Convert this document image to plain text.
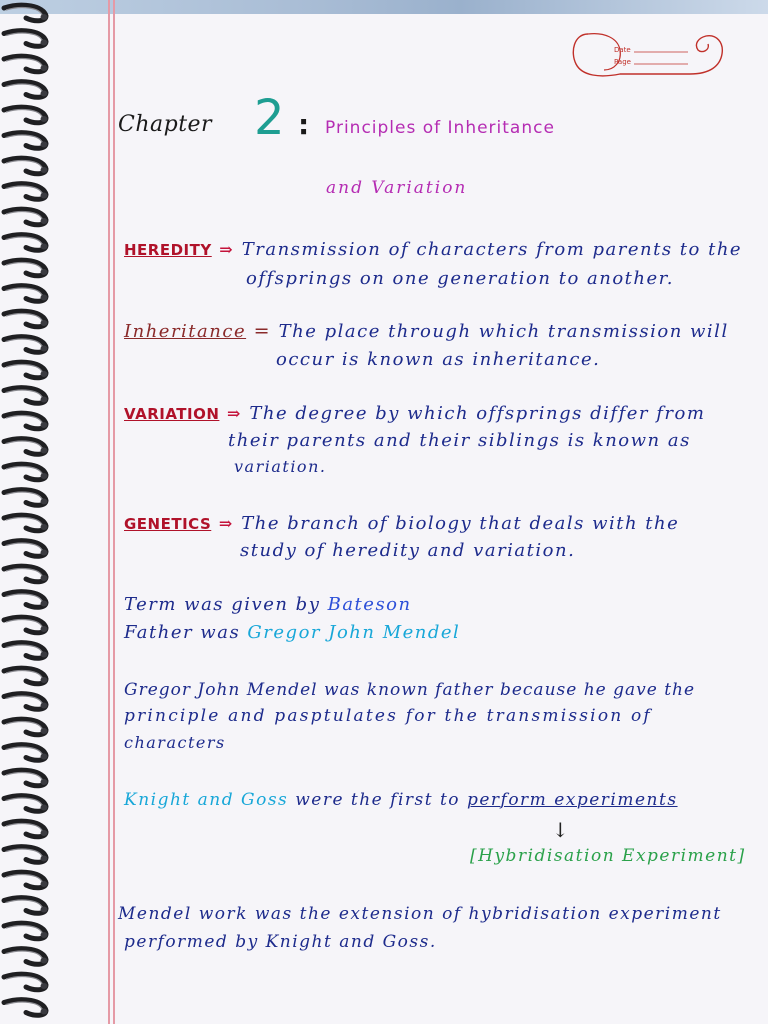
Date
Page
Chapter 2 : Principles of Inheritance
and Variation
HEREDITY ⇒ Transmission of characters from parents to the
offsprings on one generation to another.
Inheritance = The place through which transmission will
occur is known as inheritance.
VARIATION ⇒ The degree by which offsprings differ from
their parents and their siblings is known as
variation.
GENETICS ⇒ The branch of biology that deals with the
study of heredity and variation.
Term was given by Bateson
Father was Gregor John Mendel
Gregor John Mendel was known father because he gave the
principle and pasptulates for the transmission of
characters
Knight and Goss were the first to perform experiments
↓
[Hybridisation Experiment]
Mendel work was the extension of hybridisation experiment
performed by Knight and Goss.
